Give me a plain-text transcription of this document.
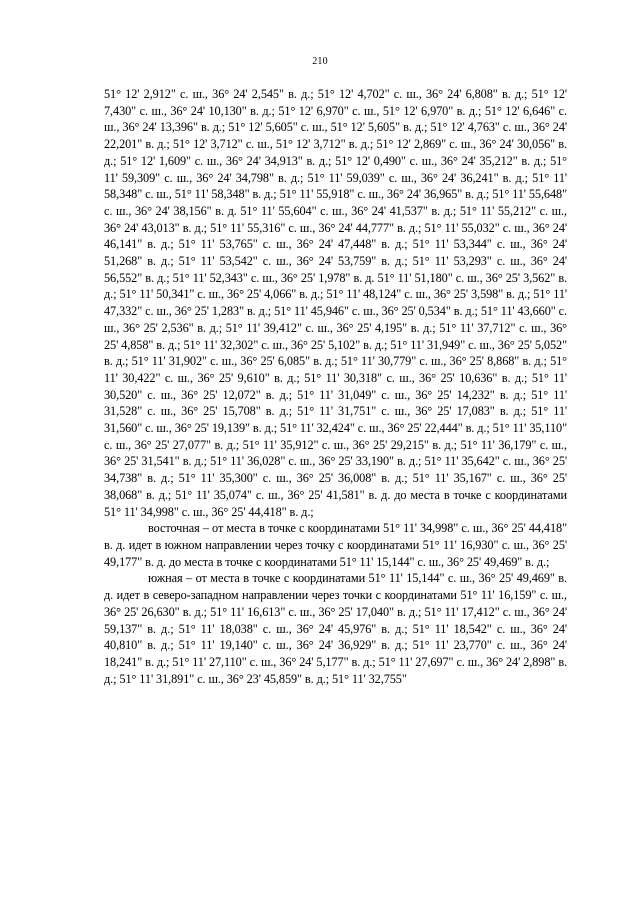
210

51° 12' 2,912" с. ш., 36° 24' 2,545" в. д.; 51° 12' 4,702" с. ш., 36° 24' 6,808" в. д.; 51° 12' 7,430" с. ш., 36° 24' 10,130" в. д.; 51° 12' 6,970" с. ш., 51° 12' 6,970" в. д.; 51° 12' 6,646" с. ш., 36° 24' 13,396" в. д.; 51° 12' 5,605" с. ш., 51° 12' 5,605" в. д.; 51° 12' 4,763" с. ш., 36° 24' 22,201" в. д.; 51° 12' 3,712" с. ш., 51° 12' 3,712" в. д.; 51° 12' 2,869" с. ш., 36° 24' 30,056" в. д.; 51° 12' 1,609" с. ш., 36° 24' 34,913" в. д.; 51° 12' 0,490" с. ш., 36° 24' 35,212" в. д.; 51° 11' 59,309" с. ш., 36° 24' 34,798" в. д.; 51° 11' 59,039" с. ш., 36° 24' 36,241" в. д.; 51° 11' 58,348" с. ш., 51° 11' 58,348" в. д.; 51° 11' 55,918" с. ш., 36° 24' 36,965" в. д.; 51° 11' 55,648" с. ш., 36° 24' 38,156" в. д. 51° 11' 55,604" с. ш., 36° 24' 41,537" в. д.; 51° 11' 55,212" с. ш., 36° 24' 43,013" в. д.; 51° 11' 55,316" с. ш., 36° 24' 44,777" в. д.; 51° 11' 55,032" с. ш., 36° 24' 46,141" в. д.; 51° 11' 53,765" с. ш., 36° 24' 47,448" в. д.; 51° 11' 53,344" с. ш., 36° 24' 51,268" в. д.; 51° 11' 53,542" с. ш., 36° 24' 53,759" в. д.; 51° 11' 53,293" с. ш., 36° 24' 56,552" в. д.; 51° 11' 52,343" с. ш., 36° 25' 1,978" в. д. 51° 11' 51,180" с. ш., 36° 25' 3,562" в. д.; 51° 11' 50,341" с. ш., 36° 25' 4,066" в. д.; 51° 11' 48,124" с. ш., 36° 25' 3,598" в. д.; 51° 11' 47,332" с. ш., 36° 25' 1,283" в. д.; 51° 11' 45,946" с. ш., 36° 25' 0,534" в. д.; 51° 11' 43,660" с. ш., 36° 25' 2,536" в. д.; 51° 11' 39,412" с. ш., 36° 25' 4,195" в. д.; 51° 11' 37,712" с. ш., 36° 25' 4,858" в. д.; 51° 11' 32,302" с. ш., 36° 25' 5,102" в. д.; 51° 11' 31,949" с. ш., 36° 25' 5,052" в. д.; 51° 11' 31,902" с. ш., 36° 25' 6,085" в. д.; 51° 11' 30,779" с. ш., 36° 25' 8,868" в. д.; 51° 11' 30,422" с. ш., 36° 25' 9,610" в. д.; 51° 11' 30,318" с. ш., 36° 25' 10,636" в. д.; 51° 11' 30,520" с. ш., 36° 25' 12,072" в. д.; 51° 11' 31,049" с. ш., 36° 25' 14,232" в. д.; 51° 11' 31,528" с. ш., 36° 25' 15,708" в. д.; 51° 11' 31,751" с. ш., 36° 25' 17,083" в. д.; 51° 11' 31,560" с. ш., 36° 25' 19,139" в. д.; 51° 11' 32,424" с. ш., 36° 25' 22,444" в. д.; 51° 11' 35,110" с. ш., 36° 25' 27,077" в. д.; 51° 11' 35,912" с. ш., 36° 25' 29,215" в. д.; 51° 11' 36,179" с. ш., 36° 25' 31,541" в. д.; 51° 11' 36,028" с. ш., 36° 25' 33,190" в. д.; 51° 11' 35,642" с. ш., 36° 25' 34,738" в. д.; 51° 11' 35,300" с. ш., 36° 25' 36,008" в. д.; 51° 11' 35,167" с. ш., 36° 25' 38,068" в. д.; 51° 11' 35,074" с. ш., 36° 25' 41,581" в. д. до места в точке с координатами 51° 11' 34,998" с. ш., 36° 25' 44,418" в. д.;

восточная – от места в точке с координатами 51° 11' 34,998" с. ш., 36° 25' 44,418" в. д. идет в южном направлении через точку с координатами 51° 11' 16,930" с. ш., 36° 25' 49,177" в. д. до места в точке с координатами 51° 11' 15,144" с. ш., 36° 25' 49,469" в. д.;

южная – от места в точке с координатами 51° 11' 15,144" с. ш., 36° 25' 49,469" в. д. идет в северо-западном направлении через точки с координатами 51° 11' 16,159" с. ш., 36° 25' 26,630" в. д.; 51° 11' 16,613" с. ш., 36° 25' 17,040" в. д.; 51° 11' 17,412" с. ш., 36° 24' 59,137" в. д.; 51° 11' 18,038" с. ш., 36° 24' 45,976" в. д.; 51° 11' 18,542" с. ш., 36° 24' 40,810" в. д.; 51° 11' 19,140" с. ш., 36° 24' 36,929" в. д.; 51° 11' 23,770" с. ш., 36° 24' 18,241" в. д.; 51° 11' 27,110" с. ш., 36° 24' 5,177" в. д.; 51° 11' 27,697" с. ш., 36° 24' 2,898" в. д.; 51° 11' 31,891" с. ш., 36° 23' 45,859" в. д.; 51° 11' 32,755"
